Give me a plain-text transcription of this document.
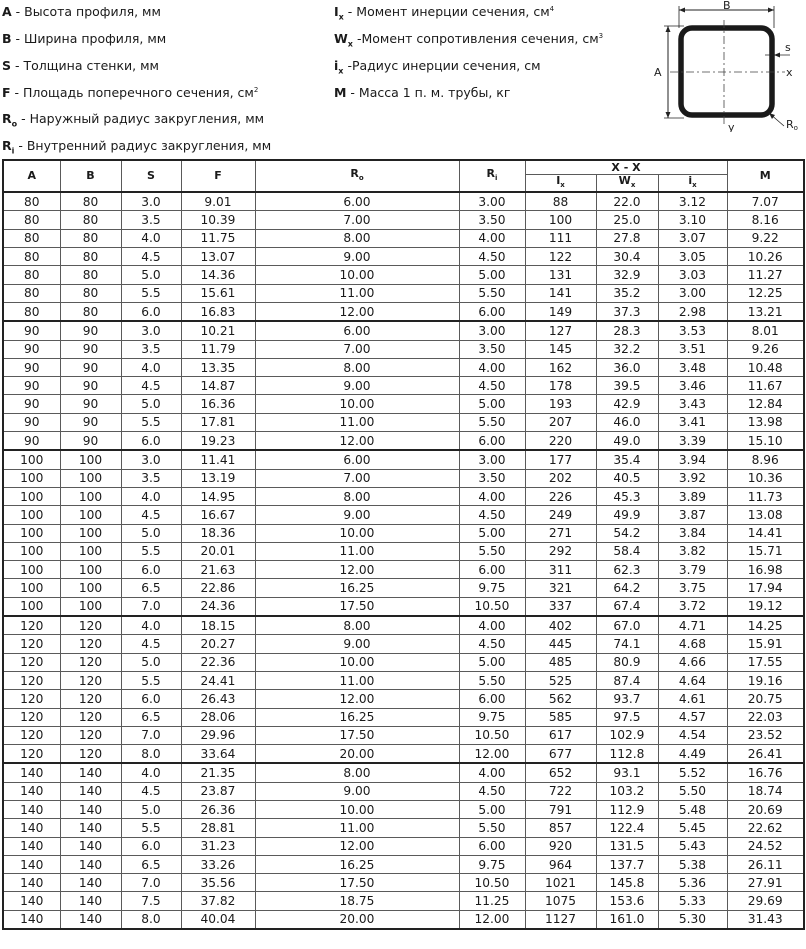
A - Высота профиля, мм
B - Ширина профиля, мм
S - Толщина стенки, мм
F - Площадь поперечного сечения, $см^2$
$R_o$ - Наружный радиус закругления, мм
$R_i$ - Внутренний радиус закругления, мм
$I_x$ - Момент инерции сечения, $см^4$
$W_x$ -Момент сопротивления сечения, $см^3$
$i_x$ -Радиус инерции сечения, см
M - Масса 1 п. м. трубы, кг
B
A	x
y
s
Ro
A	B	S	F	$R_o$	$R_i$	X - X			M
						$I_x$	$W_x$	$i_x$
80	80	3.0	9.01	6.00	3.00	88	22.0	3.12	7.07
80	80	3.5	10.39	7.00	3.50	100	25.0	3.10	8.16
80	80	4.0	11.75	8.00	4.00	111	27.8	3.07	9.22
80	80	4.5	13.07	9.00	4.50	122	30.4	3.05	10.26
80	80	5.0	14.36	10.00	5.00	131	32.9	3.03	11.27
80	80	5.5	15.61	11.00	5.50	141	35.2	3.00	12.25
80	80	6.0	16.83	12.00	6.00	149	37.3	2.98	13.21
90	90	3.0	10.21	6.00	3.00	127	28.3	3.53	8.01
90	90	3.5	11.79	7.00	3.50	145	32.2	3.51	9.26
90	90	4.0	13.35	8.00	4.00	162	36.0	3.48	10.48
90	90	4.5	14.87	9.00	4.50	178	39.5	3.46	11.67
90	90	5.0	16.36	10.00	5.00	193	42.9	3.43	12.84
90	90	5.5	17.81	11.00	5.50	207	46.0	3.41	13.98
90	90	6.0	19.23	12.00	6.00	220	49.0	3.39	15.10
100	100	3.0	11.41	6.00	3.00	177	35.4	3.94	8.96
100	100	3.5	13.19	7.00	3.50	202	40.5	3.92	10.36
100	100	4.0	14.95	8.00	4.00	226	45.3	3.89	11.73
100	100	4.5	16.67	9.00	4.50	249	49.9	3.87	13.08
100	100	5.0	18.36	10.00	5.00	271	54.2	3.84	14.41
100	100	5.5	20.01	11.00	5.50	292	58.4	3.82	15.71
100	100	6.0	21.63	12.00	6.00	311	62.3	3.79	16.98
100	100	6.5	22.86	16.25	9.75	321	64.2	3.75	17.94
100	100	7.0	24.36	17.50	10.50	337	67.4	3.72	19.12
120	120	4.0	18.15	8.00	4.00	402	67.0	4.71	14.25
120	120	4.5	20.27	9.00	4.50	445	74.1	4.68	15.91
120	120	5.0	22.36	10.00	5.00	485	80.9	4.66	17.55
120	120	5.5	24.41	11.00	5.50	525	87.4	4.64	19.16
120	120	6.0	26.43	12.00	6.00	562	93.7	4.61	20.75
120	120	6.5	28.06	16.25	9.75	585	97.5	4.57	22.03
120	120	7.0	29.96	17.50	10.50	617	102.9	4.54	23.52
120	120	8.0	33.64	20.00	12.00	677	112.8	4.49	26.41
140	140	4.0	21.35	8.00	4.00	652	93.1	5.52	16.76
140	140	4.5	23.87	9.00	4.50	722	103.2	5.50	18.74
140	140	5.0	26.36	10.00	5.00	791	112.9	5.48	20.69
140	140	5.5	28.81	11.00	5.50	857	122.4	5.45	22.62
140	140	6.0	31.23	12.00	6.00	920	131.5	5.43	24.52
140	140	6.5	33.26	16.25	9.75	964	137.7	5.38	26.11
140	140	7.0	35.56	17.50	10.50	1021	145.8	5.36	27.91
140	140	7.5	37.82	18.75	11.25	1075	153.6	5.33	29.69
140	140	8.0	40.04	20.00	12.00	1127	161.0	5.30	31.43
